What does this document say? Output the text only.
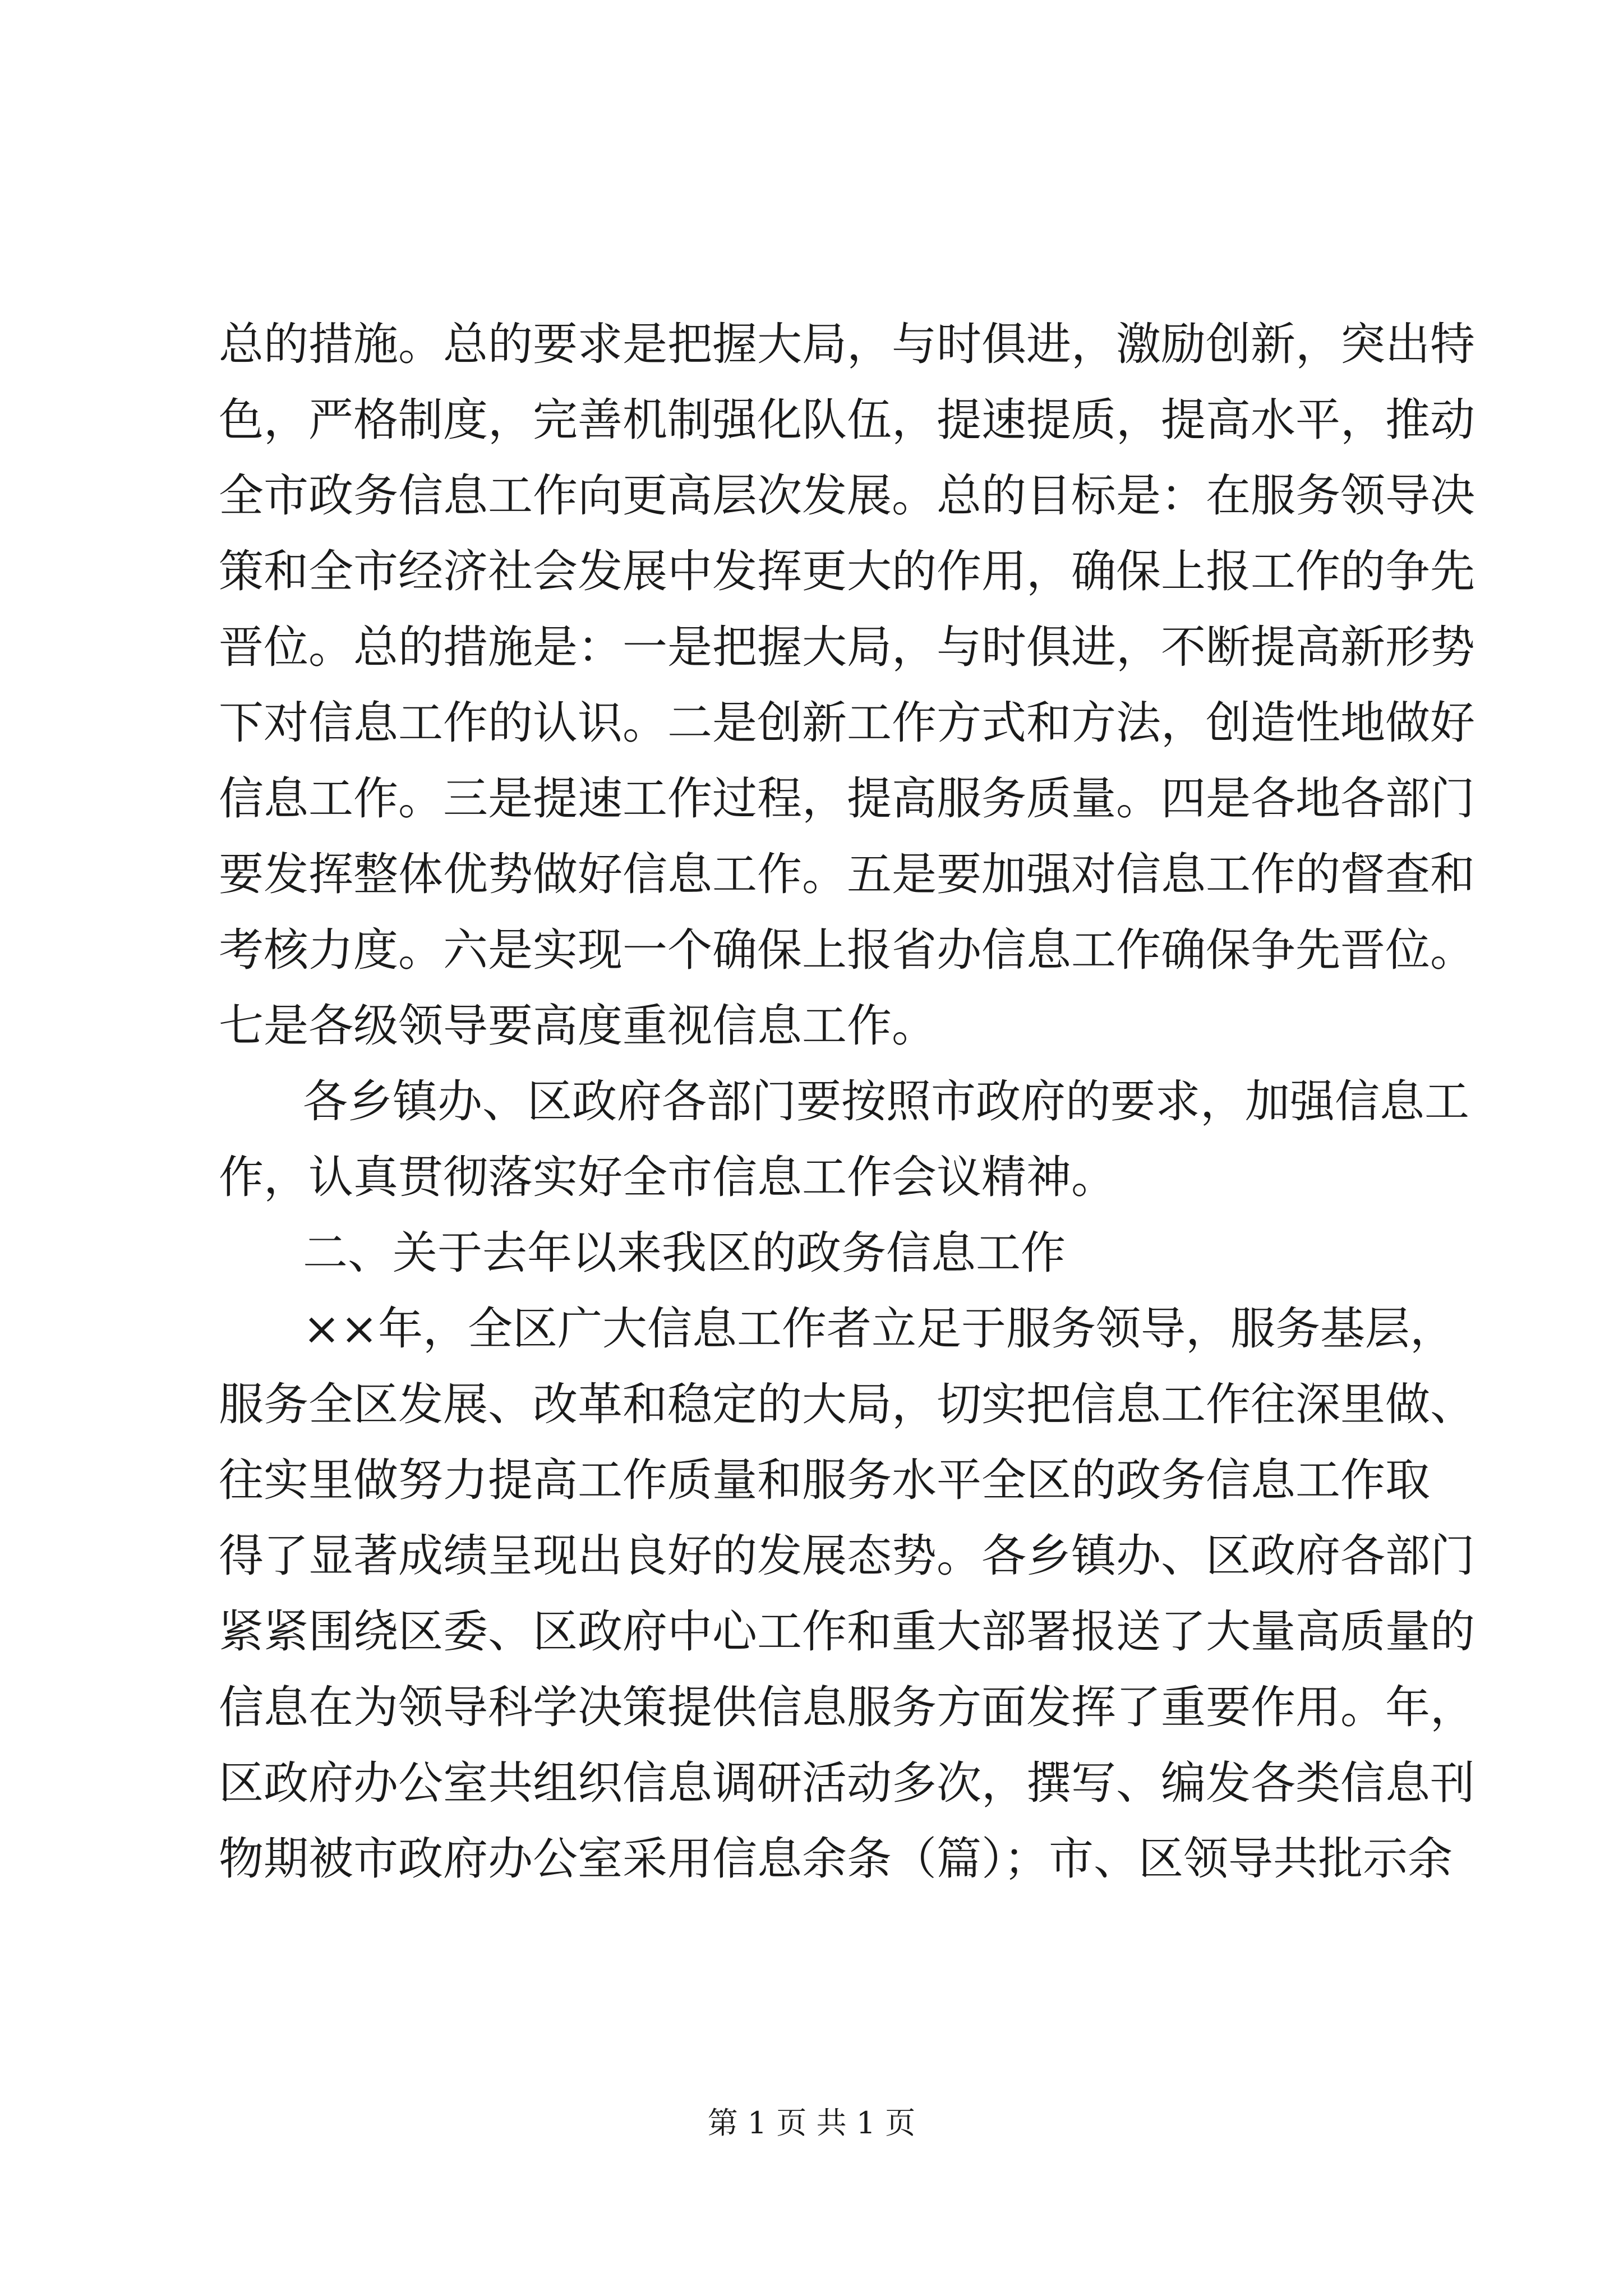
总的措施。总的要求是把握大局，与时俱进，激励创新，突出特
色，严格制度，完善机制强化队伍，提速提质，提高水平，推动
全市政务信息工作向更高层次发展。总的目标是：在服务领导决
策和全市经济社会发展中发挥更大的作用，确保上报工作的争先
晋位。总的措施是：一是把握大局，与时俱进，不断提高新形势
下对信息工作的认识。二是创新工作方式和方法，创造性地做好
信息工作。三是提速工作过程，提高服务质量。四是各地各部门
要发挥整体优势做好信息工作。五是要加强对信息工作的督查和
考核力度。六是实现一个确保上报省办信息工作确保争先晋位。
七是各级领导要高度重视信息工作。
各乡镇办、区政府各部门要按照市政府的要求，加强信息工
作，认真贯彻落实好全市信息工作会议精神。
二、关于去年以来我区的政务信息工作
××年，全区广大信息工作者立足于服务领导，服务基层，
服务全区发展、改革和稳定的大局，切实把信息工作往深里做、
往实里做努力提高工作质量和服务水平全区的政务信息工作取
得了显著成绩呈现出良好的发展态势。各乡镇办、区政府各部门
紧紧围绕区委、区政府中心工作和重大部署报送了大量高质量的
信息在为领导科学决策提供信息服务方面发挥了重要作用。年，
区政府办公室共组织信息调研活动多次，撰写、编发各类信息刊
物期被市政府办公室采用信息余条（篇）；市、区领导共批示余
第 1 页 共 1 页
